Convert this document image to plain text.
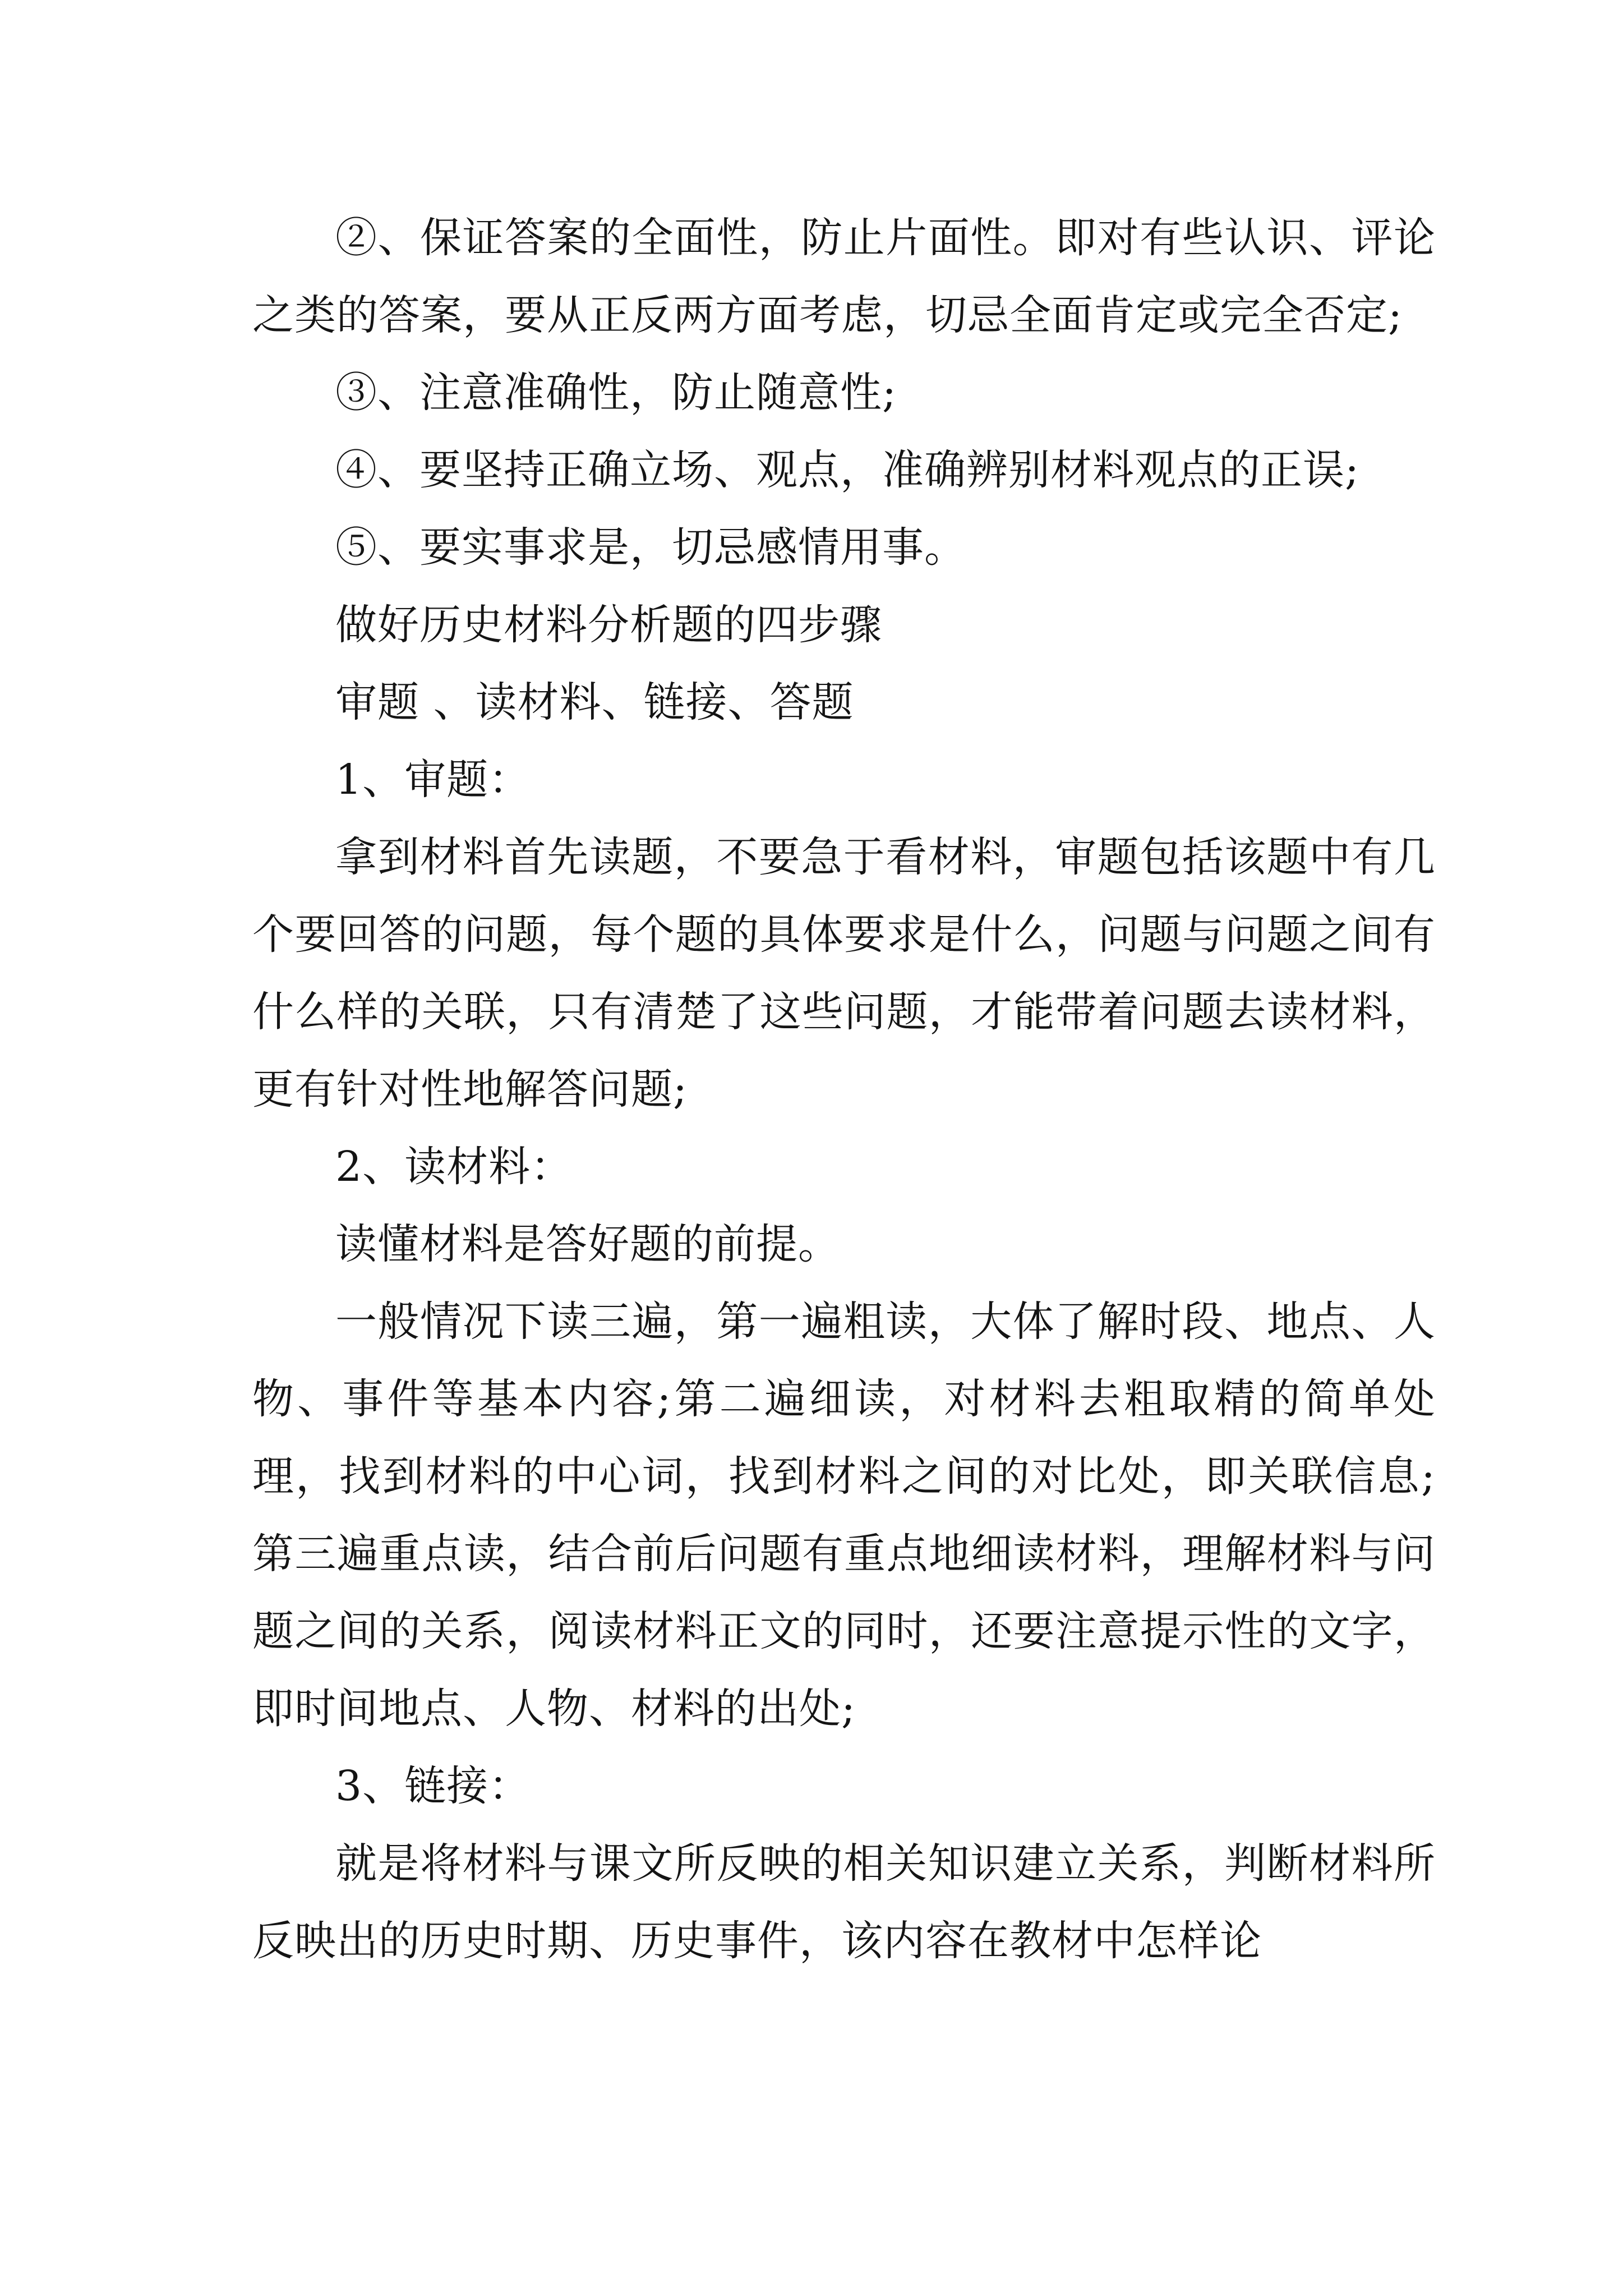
②、保证答案的全面性，防止片面性。即对有些认识、评论之类的答案，要从正反两方面考虑，切忌全面肯定或完全否定;

③、注意准确性，防止随意性;

④、要坚持正确立场、观点，准确辨别材料观点的正误;

⑤、要实事求是，切忌感情用事。

做好历史材料分析题的四步骤

审题 、读材料、链接、答题

1、审题：

拿到材料首先读题，不要急于看材料，审题包括该题中有几个要回答的问题，每个题的具体要求是什么，问题与问题之间有什么样的关联，只有清楚了这些问题，才能带着问题去读材料，更有针对性地解答问题;

2、读材料：

读懂材料是答好题的前提。

一般情况下读三遍，第一遍粗读，大体了解时段、地点、人物、事件等基本内容;第二遍细读，对材料去粗取精的简单处理，找到材料的中心词，找到材料之间的对比处，即关联信息;第三遍重点读，结合前后问题有重点地细读材料，理解材料与问题之间的关系，阅读材料正文的同时，还要注意提示性的文字，即时间地点、人物、材料的出处;

3、链接：

就是将材料与课文所反映的相关知识建立关系，判断材料所反映出的历史时期、历史事件，该内容在教材中怎样论
